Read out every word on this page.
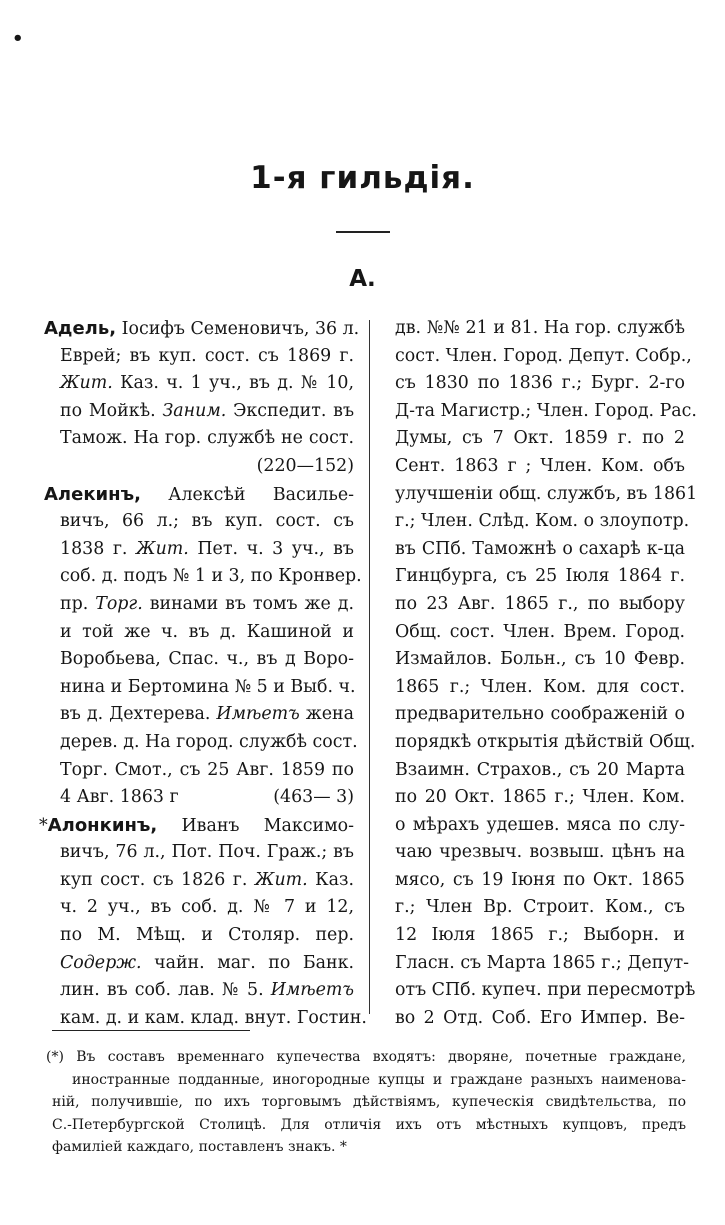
•
1-я гильдія.
А.
Адель, Іосифъ Семеновичъ, 36 л.
Еврей; въ куп. сост. съ 1869 г.
Жит. Каз. ч. 1 уч., въ д. № 10,
по Мойкѣ. Заним. Экспедит. въ
Тамож. На гор. службѣ не сост.
(220—152)
Алекинъ, Алексѣй Василье-
вичъ, 66 л.; въ куп. сост. съ
1838 г. Жит. Пет. ч. 3 уч., въ
соб. д. подъ № 1 и 3, по Кронвер.
пр. Торг. винами въ томъ же д.
и той же ч. въ д. Кашиной и
Воробьева, Спас. ч., въ д Воро-
нина и Бертомина № 5 и Выб. ч.
въ д. Дехтерева. Имѣетъ жена
дерев. д. На город. службѣ сост.
Торг. Смот., съ 25 Авг. 1859 по
4 Авг. 1863 г	(463— 3)
*Алонкинъ, Иванъ Максимо-
вичъ, 76 л., Пот. Поч. Граж.; въ
куп сост. съ 1826 г. Жит. Каз.
ч. 2 уч., въ соб. д. № 7 и 12,
по М. Мѣщ. и Столяр. пер.
Содерж. чайн. маг. по Банк.
лин. въ соб. лав. № 5. Имѣетъ
кам. д. и кам. клад. внут. Гостин.
дв. №№ 21 и 81. На гор. службѣ
сост. Член. Город. Депут. Собр.,
съ 1830 по 1836 г.; Бург. 2-го
Д-та Магистр.; Член. Город. Рас.
Думы, съ 7 Окт. 1859 г. по 2
Сент. 1863 г ; Член. Ком. объ
улучшеніи общ. службъ, въ 1861
г.; Член. Слѣд. Ком. о злоупотр.
въ СПб. Таможнѣ о сахарѣ к-ца
Гинцбурга, съ 25 Іюля 1864 г.
по 23 Авг. 1865 г., по выбору
Общ. сост. Член. Врем. Город.
Измайлов. Больн., съ 10 Февр.
1865 г.; Член. Ком. для сост.
предварительно соображеній о
порядкѣ открытія дѣйствій Общ.
Взаимн. Страхов., съ 20 Марта
по 20 Окт. 1865 г.; Член. Ком.
о мѣрахъ удешев. мяса по слу-
чаю чрезвыч. возвыш. цѣнъ на
мясо, съ 19 Іюня по Окт. 1865
г.; Член Вр. Строит. Ком., съ
12 Іюля 1865 г.; Выборн. и
Гласн. съ Марта 1865 г.; Депут-
отъ СПб. купеч. при пересмотрѣ
во 2 Отд. Соб. Его Импер. Ве-
(*) Въ составъ временнаго купечества входятъ: дворяне, почетные граждане,
иностранные подданные, иногородные купцы и граждане разныхъ наименова-
ній, получившіе, по ихъ торговымъ дѣйствіямъ, купеческія свидѣтельства, по
С.-Петербургской Столицѣ. Для отличія ихъ отъ мѣстныхъ купцовъ, предъ
фамиліей каждаго, поставленъ знакъ. *
